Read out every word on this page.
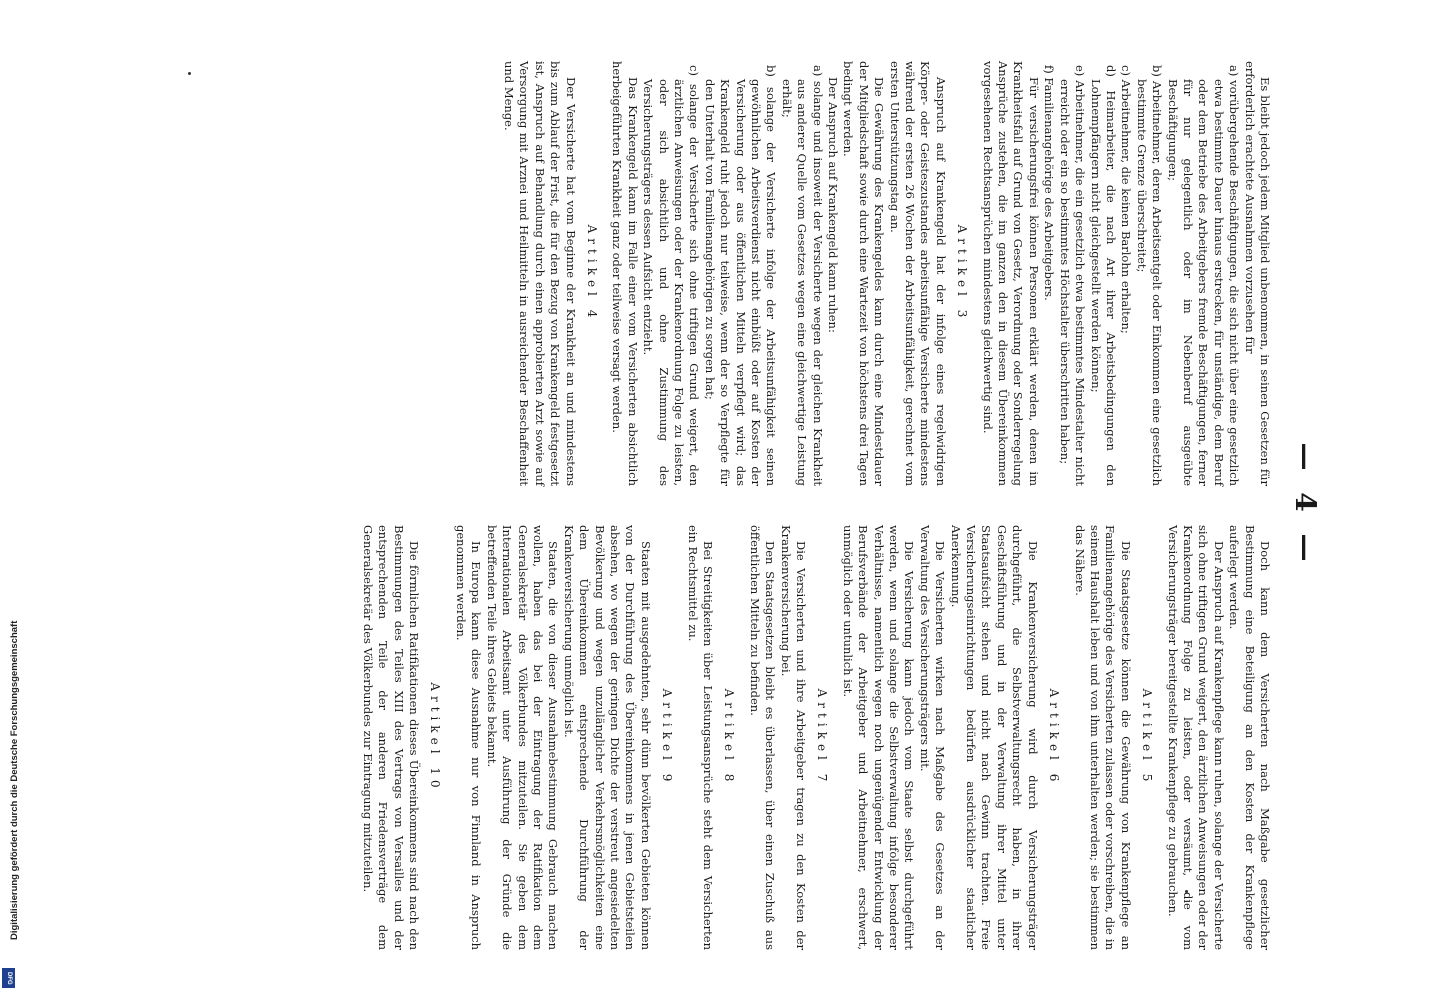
Digitalisierung gefördert durch die Deutsche Forschungsgemeinschaft
DFG
— 4 —
Es bleibt jedoch jedem Mitglied unbenommen, in seinen Gesetzen für erforderlich erachtete Ausnahmen vorzusehen für
a) vorübergehende Beschäftigungen, die sich nicht über eine gesetzlich etwa bestimmte Dauer hinaus erstrecken, für unständige, dem Beruf oder dem Betriebe des Arbeitgebers fremde Beschäftigungen, ferner für nur gelegentlich oder im Nebenberuf ausgeübte Beschäftigungen;
b) Arbeitnehmer, deren Arbeitsentgelt oder Einkommen eine gesetzlich bestimmte Grenze überschreitet;
c) Arbeitnehmer, die keinen Barlohn erhalten;
d) Heimarbeiter, die nach Art ihrer Arbeitsbedingungen den Lohnempfängern nicht gleichgestellt werden können;
e) Arbeitnehmer, die ein gesetzlich etwa bestimmtes Mindestalter nicht erreicht oder ein so bestimmtes Höchstalter überschritten haben;
f) Familienangehörige des Arbeitgebers.
Für versicherungsfrei können Personen erklärt werden, denen im Krankheitsfall auf Grund von Gesetz, Verordnung oder Sonderregelung Ansprüche zustehen, die im ganzen den in diesem Übereinkommen vorgesehenen Rechtsansprüchen mindestens gleichwertig sind.
Artikel 3
Anspruch auf Krankengeld hat der infolge eines regelwidrigen Körper- oder Geisteszustandes arbeitsunfähige Versicherte mindestens während der ersten 26 Wochen der Arbeitsunfähigkeit, gerechnet vom ersten Unterstützungstag an.
Die Gewährung des Krankengeldes kann durch eine Mindestdauer der Mitgliedschaft sowie durch eine Wartezeit von höchstens drei Tagen bedingt werden.
Der Anspruch auf Krankengeld kann ruhen:
a) solange und insoweit der Versicherte wegen der gleichen Krankheit aus anderer Quelle vom Gesetzes wegen eine gleichwertige Leistung erhält;
b) solange der Versicherte infolge der Arbeitsunfähigkeit seinen gewöhnlichen Arbeitsverdienst nicht einbüßt oder auf Kosten der Versicherung oder aus öffentlichen Mitteln verpflegt wird; das Krankengeld ruht jedoch nur teilweise, wenn der so Verpflegte für den Unterhalt von Familienangehörigen zu sorgen hat;
c) solange der Versicherte sich ohne triftigen Grund weigert, den ärztlichen Anweisungen oder der Krankenordnung Folge zu leisten, oder sich absichtlich und ohne Zustimmung des Versicherungsträgers dessen Aufsicht entzieht.
Das Krankengeld kann im Falle einer vom Versicherten absichtlich herbeigeführten Krankheit ganz oder teilweise versagt werden.
Artikel 4
Der Versicherte hat vom Beginne der Krankheit an und mindestens bis zum Ablauf der Frist, die für den Bezug von Krankengeld festgesetzt ist, Anspruch auf Behandlung durch einen approbierten Arzt sowie auf Versorgung mit Arznei und Heilmitteln in ausreichender Beschaffenheit und Menge.
Doch kann dem Versicherten nach Maßgabe gesetzlicher Bestimmung eine Beteiligung an den Kosten der Krankenpflege auferlegt werden.
Der Anspruch auf Krankenpflege kann ruhen, solange der Versicherte sich ohne triftigen Grund weigert, den ärztlichen Anweisungen oder der Krankenordnung Folge zu leisten, oder versäumt, die vom Versicherungsträger bereitgestellte Krankenpflege zu gebrauchen.
Artikel 5
Die Staatsgesetze können die Gewährung von Krankenpflege an Familienangehörige des Versicherten zulassen oder vorschreiben, die in seinem Haushalt leben und von ihm unterhalten werden; sie bestimmen das Nähere.
Artikel 6
Die Krankenversicherung wird durch Versicherungsträger durchgeführt, die Selbstverwaltungsrecht haben, in ihrer Geschäftsführung und in der Verwaltung ihrer Mittel unter Staatsaufsicht stehen und nicht nach Gewinn trachten. Freie Versicherungseinrichtungen bedürfen ausdrücklicher staatlicher Anerkennung.
Die Versicherten wirken nach Maßgabe des Gesetzes an der Verwaltung des Versicherungsträgers mit.
Die Versicherung kann jedoch vom Staate selbst durchgeführt werden, wenn und solange die Selbstverwaltung infolge besonderer Verhältnisse, namentlich wegen noch ungenügender Entwicklung der Berufsverbände der Arbeitgeber und Arbeitnehmer, erschwert, unmöglich oder untunlich ist.
Artikel 7
Die Versicherten und ihre Arbeitgeber tragen zu den Kosten der Krankenversicherung bei.
Den Staatsgesetzen bleibt es überlassen, über einen Zuschuß aus öffentlichen Mitteln zu befinden.
Artikel 8
Bei Streitigkeiten über Leistungsansprüche steht dem Versicherten ein Rechtsmittel zu.
Artikel 9
Staaten mit ausgedehnten, sehr dünn bevölkerten Gebieten können von der Durchführung des Übereinkommens in jenen Gebietsteilen absehen, wo wegen der geringen Dichte der verstreut angesiedelten Bevölkerung und wegen unzulänglicher Verkehrsmöglichkeiten eine dem Übereinkommen entsprechende Durchführung der Krankenversicherung unmöglich ist.
Staaten, die von dieser Ausnahmebestimmung Gebrauch machen wollen, haben das bei der Eintragung der Ratifikation dem Generalsekretär des Völkerbundes mitzuteilen. Sie geben dem Internationalen Arbeitsamt unter Ausführung der Gründe die betreffenden Teile ihres Gebiets bekannt.
In Europa kann diese Ausnahme nur von Finnland in Anspruch genommen werden.
Artikel 10
Die förmlichen Ratifikationen dieses Übereinkommens sind nach den Bestimmungen des Teiles XIII des Vertrags von Versailles und der entsprechenden Teile der anderen Friedensverträge dem Generalsekretär des Völkerbundes zur Eintragung mitzuteilen.
